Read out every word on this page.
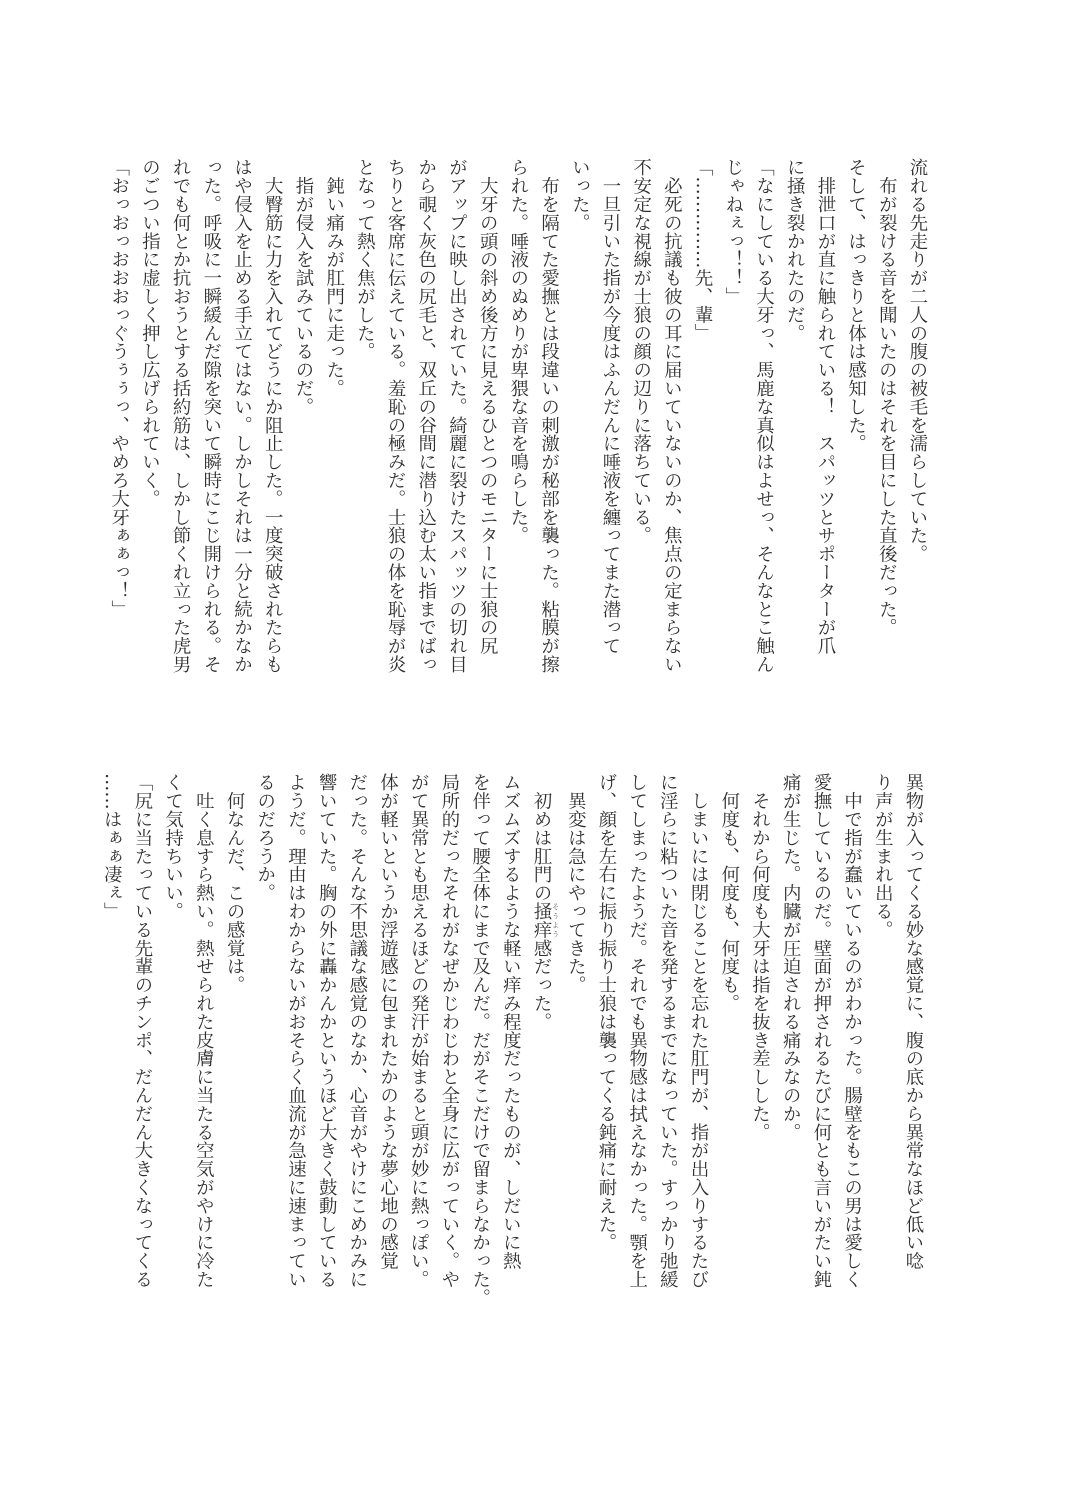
流れる先走りが二人の腹の被毛を濡らしていた。
　布が裂ける音を聞いたのはそれを目にした直後だった。
そして、はっきりと体は感知した。
　排泄口が直に触られている！　スパッツとサポーターが爪
に掻き裂かれたのだ。
「なにしている大牙っ、馬鹿な真似はよせっ、そんなとこ触ん
じゃねぇっ！！」
「……………先、輩」
　必死の抗議も彼の耳に届いていないのか、焦点の定まらない
不安定な視線が士狼の顔の辺りに落ちている。
　一旦引いた指が今度はふんだんに唾液を纏ってまた潜って
いった。
　布を隔てた愛撫とは段違いの刺激が秘部を襲った。粘膜が擦
られた。唾液のぬめりが卑猥な音を鳴らした。
　大牙の頭の斜め後方に見えるひとつのモニターに士狼の尻
がアップに映し出されていた。綺麗に裂けたスパッツの切れ目
から覗く灰色の尻毛と、双丘の谷間に潜り込む太い指までばっ
ちりと客席に伝えている。羞恥の極みだ。士狼の体を恥辱が炎
となって熱く焦がした。
　鈍い痛みが肛門に走った。
　指が侵入を試みているのだ。
　大臀筋に力を入れてどうにか阻止した。一度突破されたらも
はや侵入を止める手立てはない。しかしそれは一分と続かなか
った。呼吸に一瞬緩んだ隙を突いて瞬時にこじ開けられる。そ
れでも何とか抗おうとする括約筋は、しかし節くれ立った虎男
のごつい指に虚しく押し広げられていく。
「おっおっおおおっぐうぅぅっ、やめろ大牙ぁぁっ！」
異物が入ってくる妙な感覚に、腹の底から異常なほど低い唸
り声が生まれ出る。
　中で指が蠢いているのがわかった。腸壁をもこの男は愛しく
愛撫しているのだ。壁面が押されるたびに何とも言いがたい鈍
痛が生じた。内臓が圧迫される痛みなのか。
　それから何度も大牙は指を抜き差しした。
　何度も、何度も、何度も。
　しまいには閉じることを忘れた肛門が、指が出入りするたび
に淫らに粘ついた音を発するまでになっていた。すっかり弛緩
してしまったようだ。それでも異物感は拭えなかった。顎を上
げ、顔を左右に振り振り士狼は襲ってくる鈍痛に耐えた。
　異変は急にやってきた。
　初めは肛門の掻痒 そうよう感だった。
ムズムズするような軽い痒み程度だったものが、しだいに熱
を伴って腰全体にまで及んだ。だがそこだけで留まらなかった。
局所的だったそれがなぜかじわじわと全身に広がっていく。や
がて異常とも思えるほどの発汗が始まると頭が妙に熱っぽい。
体が軽いというか浮遊感に包まれたかのような夢心地の感覚
だった。そんな不思議な感覚のなか、心音がやけにこめかみに
響いていた。胸の外に轟かんかというほど大きく鼓動している
ようだ。理由はわからないがおそらく血流が急速に速まってい
るのだろうか。
　何なんだ、この感覚は。
　吐く息すら熱い。熱せられた皮膚に当たる空気がやけに冷た
くて気持ちいい。
「尻に当たっている先輩のチンポ、だんだん大きくなってくる
……はぁぁ凄ぇ」
